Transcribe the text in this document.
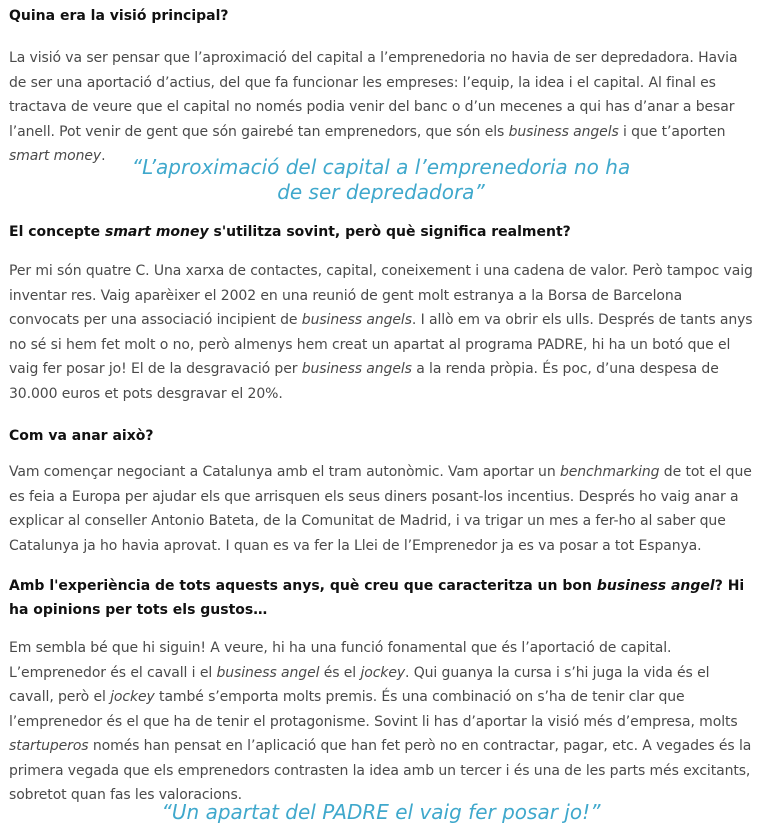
Quina era la visió principal?

La visió va ser pensar que l’aproximació del capital a l’emprenedoria no havia de ser depredadora. Havia de ser una aportació d’actius, del que fa funcionar les empreses: l’equip, la idea i el capital. Al final es tractava de veure que el capital no només podia venir del banc o d’un mecenes a qui has d’anar a besar l’anell. Pot venir de gent que són gairebé tan emprenedors, que són els business angels i que t’aporten smart money.	“L’aproximació del capital a l’emprenedoria no ha
de ser depredadora”
El concepte smart money s'utilitza sovint, però què significa realment?

Per mi són quatre C. Una xarxa de contactes, capital, coneixement i una cadena de valor. Però tampoc vaig inventar res. Vaig aparèixer el 2002 en una reunió de gent molt estranya a la Borsa de Barcelona convocats per una associació incipient de business angels. I allò em va obrir els ulls. Després de tants anys no sé si hem fet molt o no, però almenys hem creat un apartat al programa PADRE, hi ha un botó que el vaig fer posar jo! El de la desgravació per business angels a la renda pròpia. És poc, d’una despesa de 30.000 euros et pots desgravar el 20%.

Com va anar això?

Vam començar negociant a Catalunya amb el tram autonòmic. Vam aportar un benchmarking de tot el que es feia a Europa per ajudar els que arrisquen els seus diners posant-los incentius. Després ho vaig anar a explicar al conseller Antonio Bateta, de la Comunitat de Madrid, i va trigar un mes a fer-ho al saber que Catalunya ja ho havia aprovat. I quan es va fer la Llei de l’Emprenedor ja es va posar a tot Espanya.

Amb l'experiència de tots aquests anys, què creu que caracteritza un bon business angel? Hi ha opinions per tots els gustos…

Em sembla bé que hi siguin! A veure, hi ha una funció fonamental que és l’aportació de capital. L’emprenedor és el cavall i el business angel és el jockey. Qui guanya la cursa i s’hi juga la vida és el cavall, però el jockey també s’emporta molts premis. És una combinació on s’ha de tenir clar que l’emprenedor és el que ha de tenir el protagonisme. Sovint li has d’aportar la visió més d’empresa, molts startuperos només han pensat en l’aplicació que han fet però no en contractar, pagar, etc. A vegades és la primera vegada que els emprenedors contrasten la idea amb un tercer i és una de les parts més excitants, sobretot quan fas les valoracions.

“Un apartat del PADRE el vaig fer posar jo!”
